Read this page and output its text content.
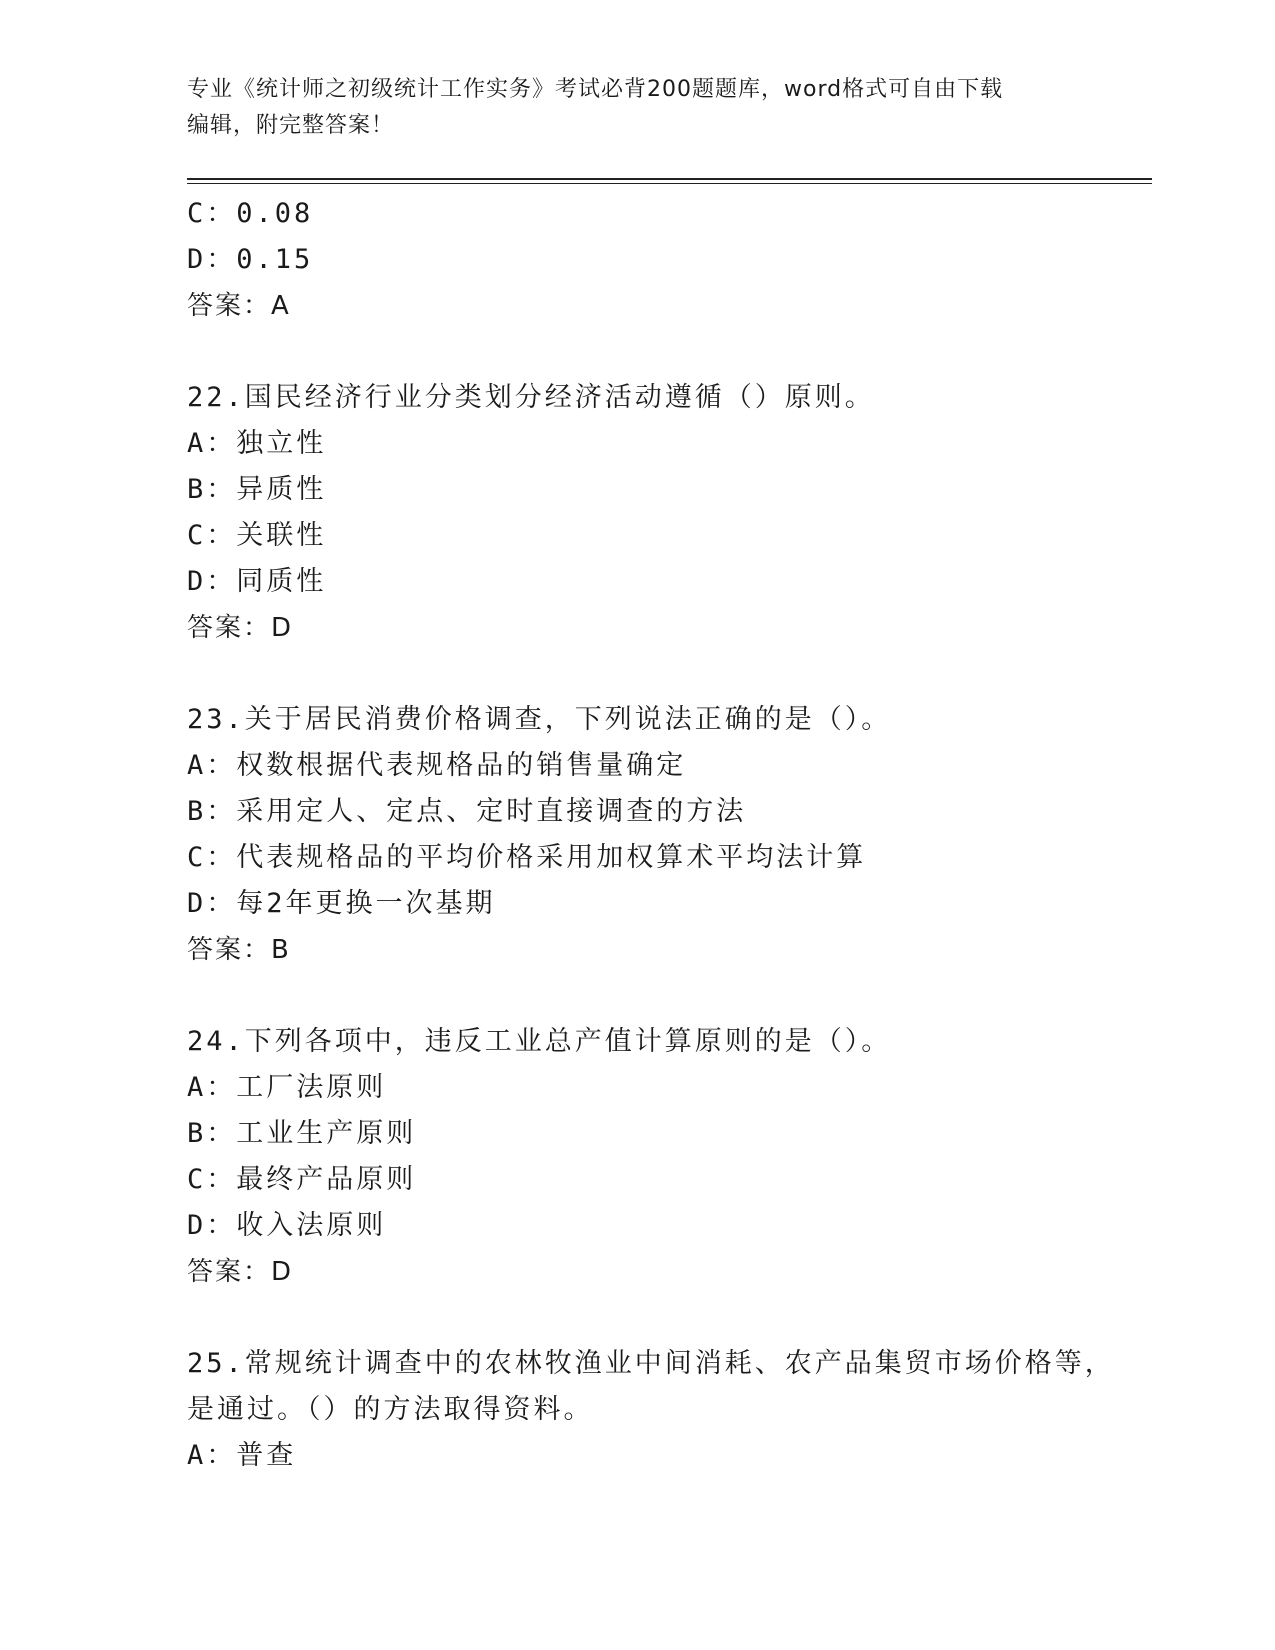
专业《统计师之初级统计工作实务》考试必背200题题库，word格式可自由下载
编辑，附完整答案！
C：0.08
D：0.15
答案：A
22.国民经济行业分类划分经济活动遵循（）原则。
A：独立性
B：异质性
C：关联性
D：同质性
答案：D
23.关于居民消费价格调查，下列说法正确的是（）。
A：权数根据代表规格品的销售量确定
B：采用定人、定点、定时直接调查的方法
C：代表规格品的平均价格采用加权算术平均法计算
D：每2年更换一次基期
答案：B
24.下列各项中，违反工业总产值计算原则的是（）。
A：工厂法原则
B：工业生产原则
C：最终产品原则
D：收入法原则
答案：D
25.常规统计调查中的农林牧渔业中间消耗、农产品集贸市场价格等，
是通过。（）的方法取得资料。
A：普查
